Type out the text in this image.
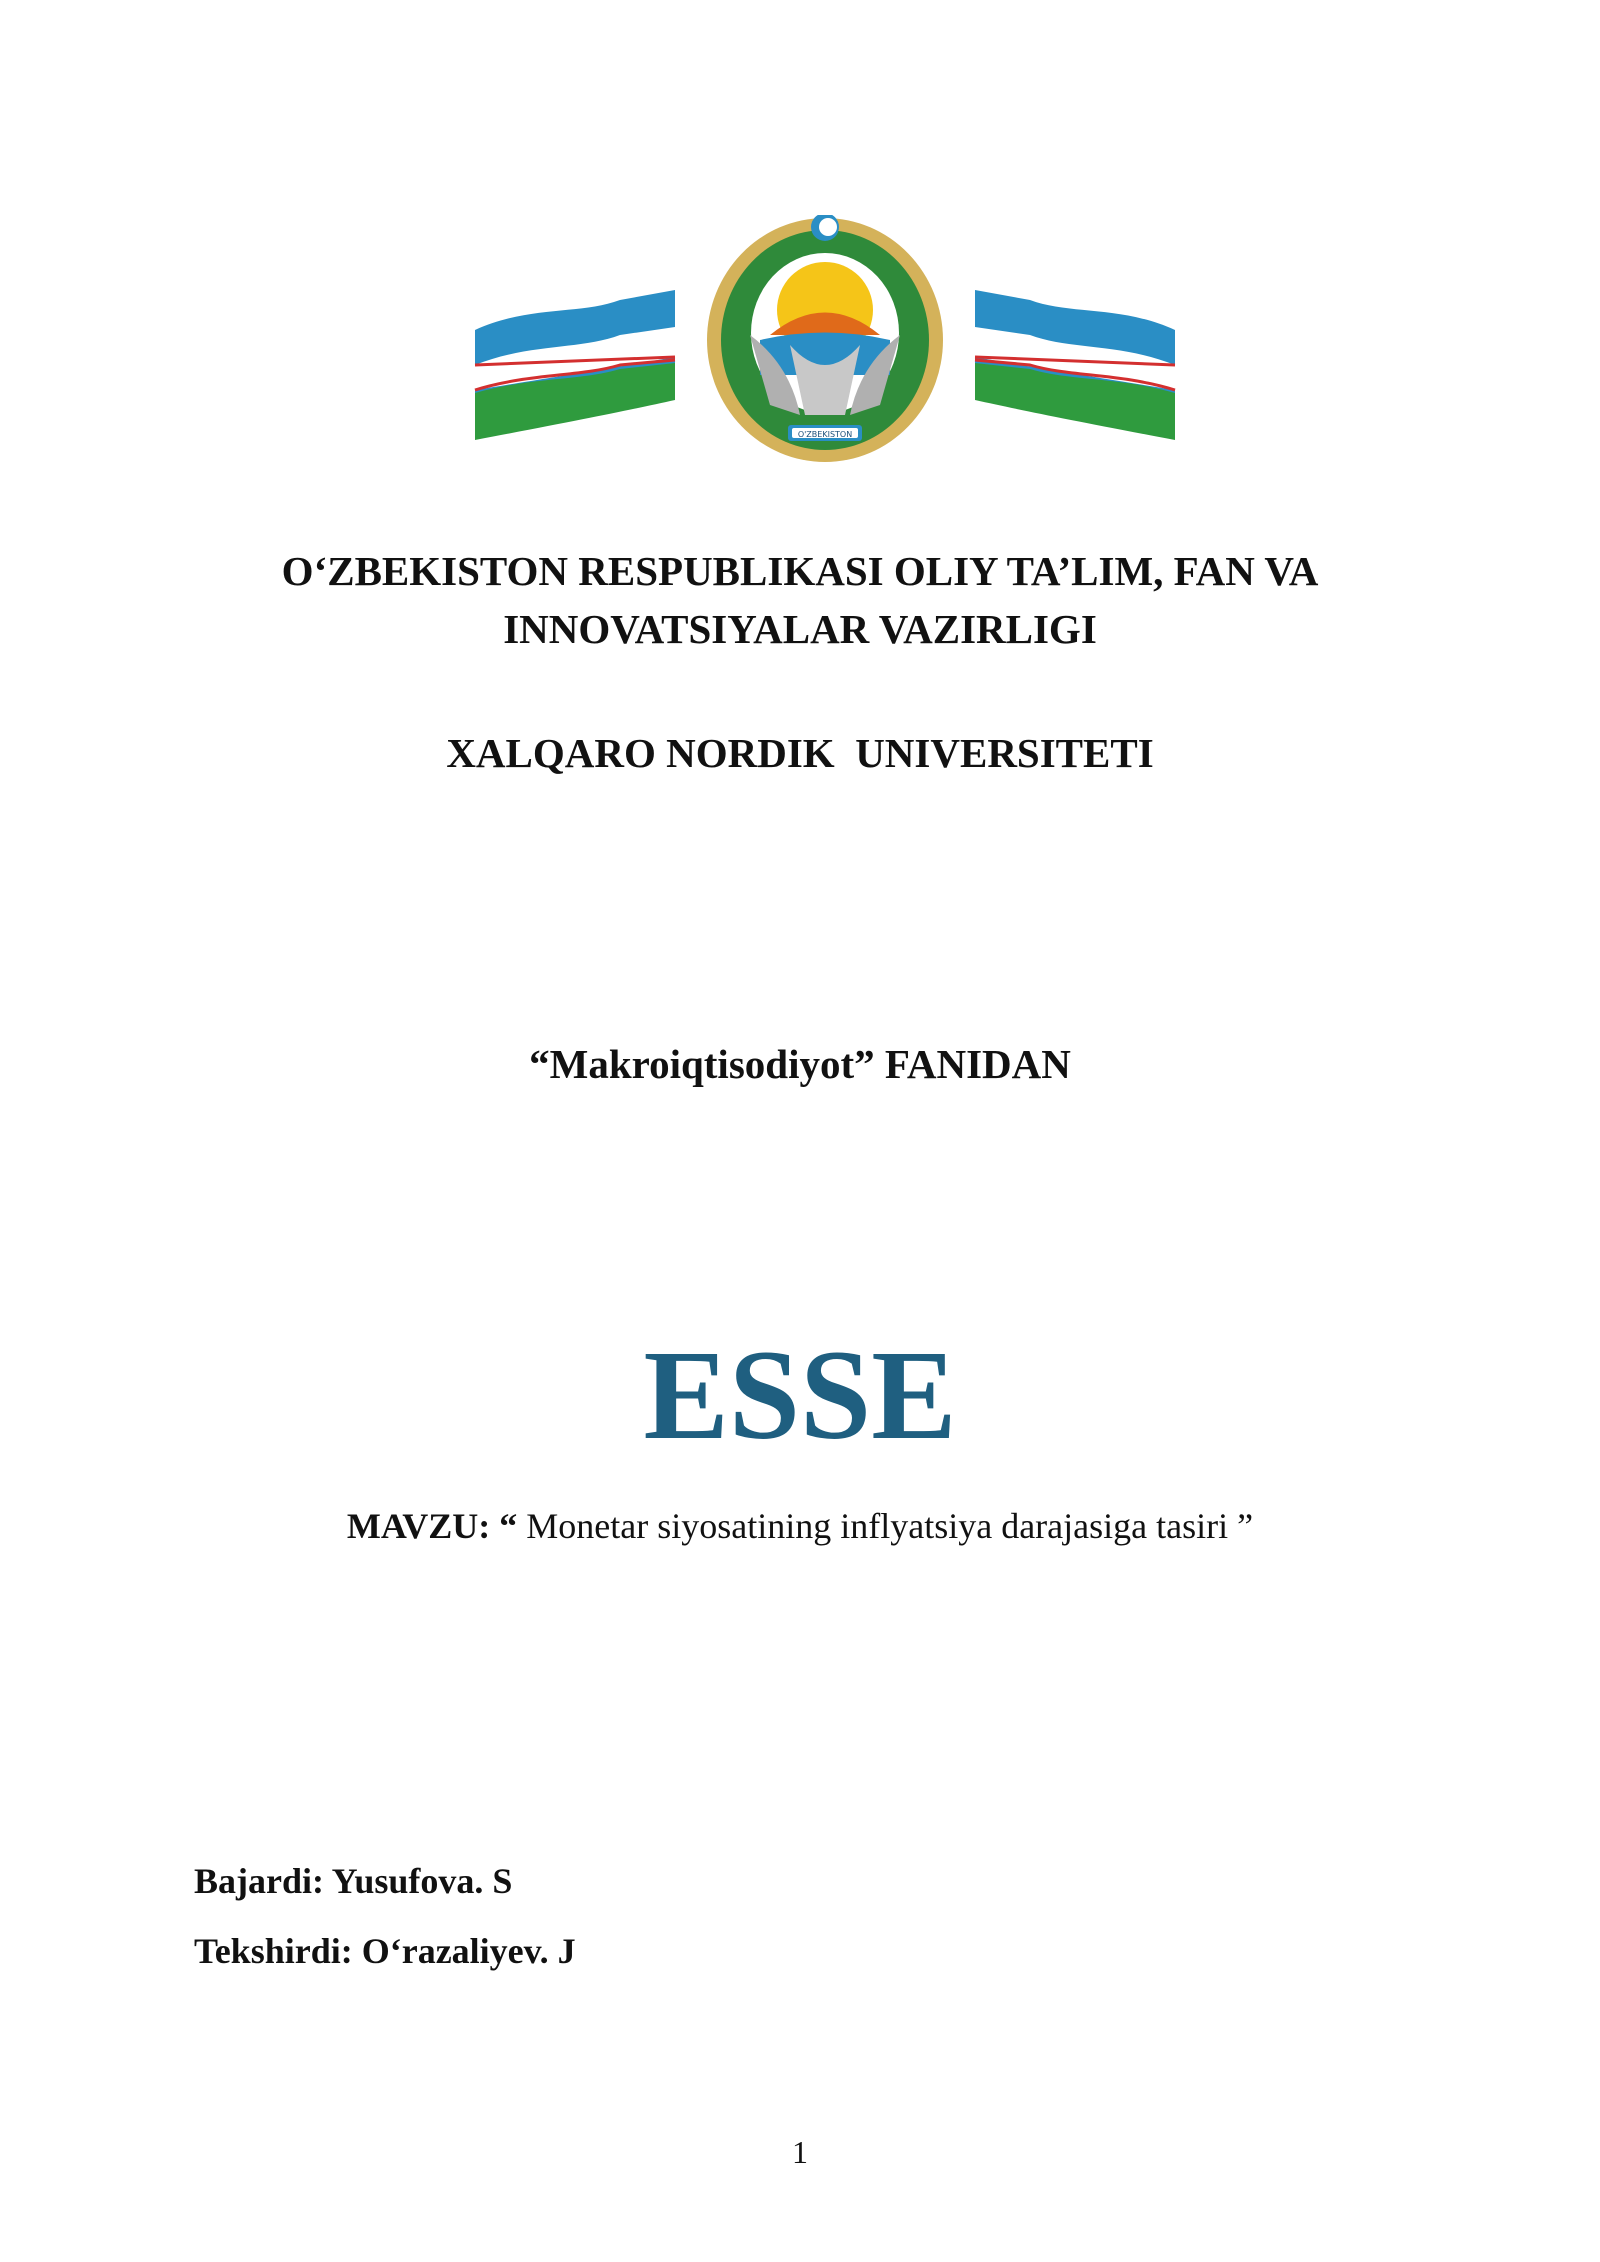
O'ZBEKISTON
O‘ZBEKISTON RESPUBLIKASI OLIY TA’LIM, FAN VA
INNOVATSIYALAR VAZIRLIGI
XALQARO NORDIK  UNIVERSITETI
“Makroiqtisodiyot” FANIDAN
ESSE
MAVZU: “ Monetar siyosatining inflyatsiya darajasiga tasiri ”
Bajardi: Yusufova. S
Tekshirdi: O‘razaliyev. J
1
